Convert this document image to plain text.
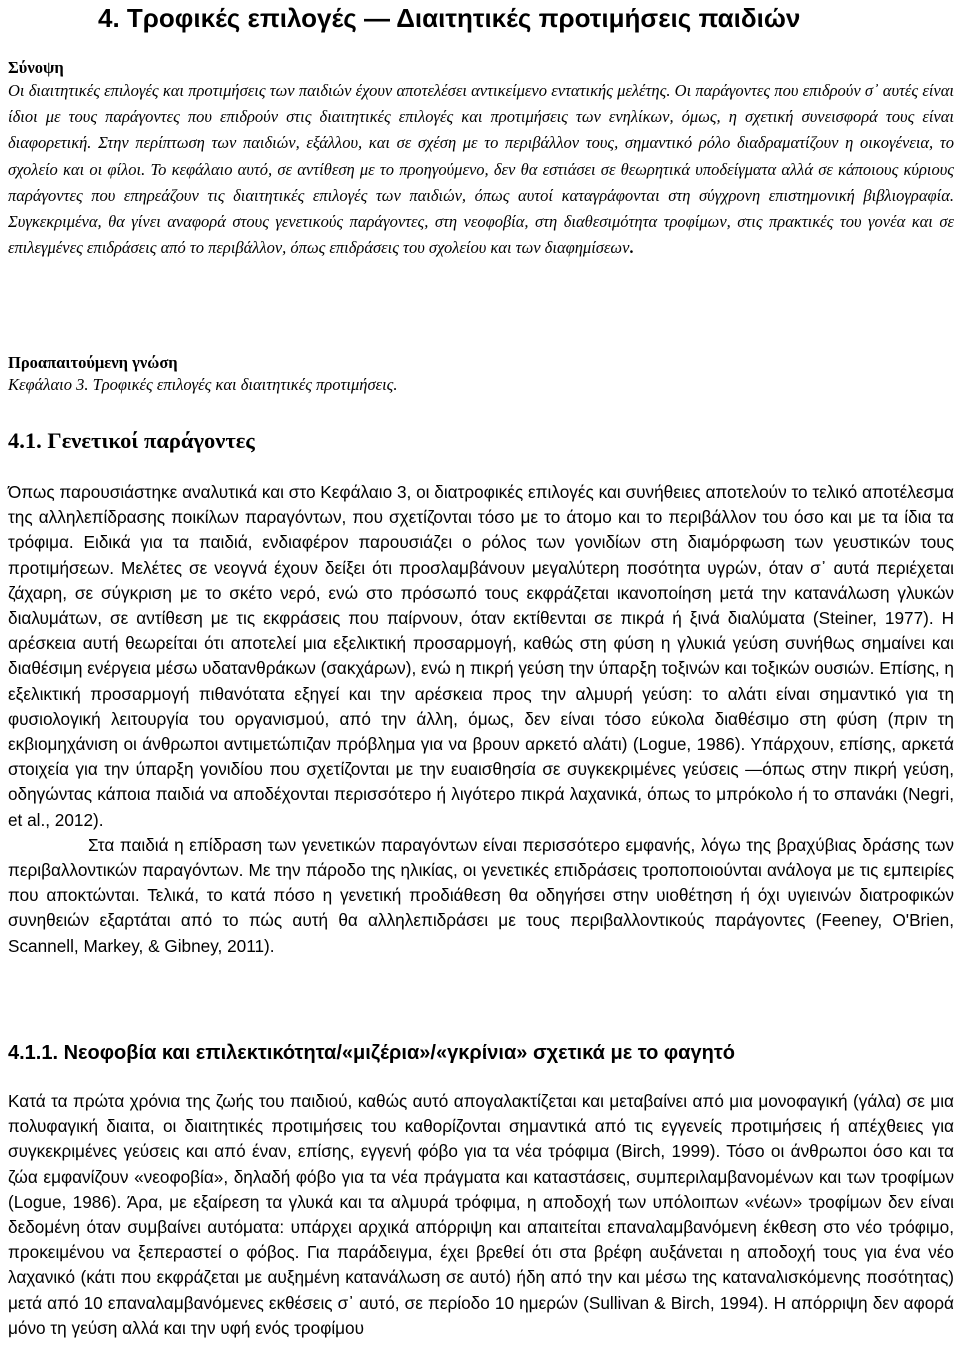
4. Τροφικές επιλογές — Διαιτητικές προτιμήσεις παιδιών

Σύνοψη

Οι διαιτητικές επιλογές και προτιμήσεις των παιδιών έχουν αποτελέσει αντικείμενο εντατικής μελέτης. Οι παράγοντες που επιδρούν σ᾽ αυτές είναι ίδιοι με τους παράγοντες που επιδρούν στις διαιτητικές επιλογές και προτιμήσεις των ενηλίκων, όμως, η σχετική συνεισφορά τους είναι διαφορετική. Στην περίπτωση των παιδιών, εξάλλου, και σε σχέση με το περιβάλλον τους, σημαντικό ρόλο διαδραματίζουν η οικογένεια, το σχολείο και οι φίλοι. Το κεφάλαιο αυτό, σε αντίθεση με το προηγούμενο, δεν θα εστιάσει σε θεωρητικά υποδείγματα αλλά σε κάποιους κύριους παράγοντες που επηρεάζουν τις διαιτητικές επιλογές των παιδιών, όπως αυτοί καταγράφονται στη σύγχρονη επιστημονική βιβλιογραφία. Συγκεκριμένα, θα γίνει αναφορά στους γενετικούς παράγοντες, στη νεοφοβία, στη διαθεσιμότητα τροφίμων, στις πρακτικές του γονέα και σε επιλεγμένες επιδράσεις από το περιβάλλον, όπως επιδράσεις του σχολείου και των διαφημίσεων.

Προαπαιτούμενη γνώση

Κεφάλαιο 3. Τροφικές επιλογές και διαιτητικές προτιμήσεις.

4.1. Γενετικοί παράγοντες

Όπως παρουσιάστηκε αναλυτικά και στο Κεφάλαιο 3, οι διατροφικές επιλογές και συνήθειες αποτελούν το τελικό αποτέλεσμα της αλληλεπίδρασης ποικίλων παραγόντων, που σχετίζονται τόσο με το άτομο και το περιβάλλον του όσο και με τα ίδια τα τρόφιμα. Ειδικά για τα παιδιά, ενδιαφέρον παρουσιάζει ο ρόλος των γονιδίων στη διαμόρφωση των γευστικών τους προτιμήσεων. Μελέτες σε νεογνά έχουν δείξει ότι προσλαμβάνουν μεγαλύτερη ποσότητα υγρών, όταν σ᾽ αυτά περιέχεται ζάχαρη, σε σύγκριση με το σκέτο νερό, ενώ στο πρόσωπό τους εκφράζεται ικανοποίηση μετά την κατανάλωση γλυκών διαλυμάτων, σε αντίθεση με τις εκφράσεις που παίρνουν, όταν εκτίθενται σε πικρά ή ξινά διαλύματα (Steiner, 1977). Η αρέσκεια αυτή θεωρείται ότι αποτελεί μια εξελικτική προσαρμογή, καθώς στη φύση η γλυκιά γεύση συνήθως σημαίνει και διαθέσιμη ενέργεια μέσω υδατανθράκων (σακχάρων), ενώ η πικρή γεύση την ύπαρξη τοξινών και τοξικών ουσιών. Επίσης, η εξελικτική προσαρμογή πιθανότατα εξηγεί και την αρέσκεια προς την αλμυρή γεύση: το αλάτι είναι σημαντικό για τη φυσιολογική λειτουργία του οργανισμού, από την άλλη, όμως, δεν είναι τόσο εύκολα διαθέσιμο στη φύση (πριν τη εκβιομηχάνιση οι άνθρωποι αντιμετώπιζαν πρόβλημα για να βρουν αρκετό αλάτι) (Logue, 1986). Υπάρχουν, επίσης, αρκετά στοιχεία για την ύπαρξη γονιδίου που σχετίζονται με την ευαισθησία σε συγκεκριμένες γεύσεις —όπως στην πικρή γεύση, οδηγώντας κάποια παιδιά να αποδέχονται περισσότερο ή λιγότερο πικρά λαχανικά, όπως το μπρόκολο ή το σπανάκι (Negri, et al., 2012).

Στα παιδιά η επίδραση των γενετικών παραγόντων είναι περισσότερο εμφανής, λόγω της βραχύβιας δράσης των περιβαλλοντικών παραγόντων. Με την πάροδο της ηλικίας, οι γενετικές επιδράσεις τροποποιούνται ανάλογα με τις εμπειρίες που αποκτώνται. Τελικά, το κατά πόσο η γενετική προδιάθεση θα οδηγήσει στην υιοθέτηση ή όχι υγιεινών διατροφικών συνηθειών εξαρτάται από το πώς αυτή θα αλληλεπιδράσει με τους περιβαλλοντικούς παράγοντες (Feeney, O'Brien, Scannell, Markey, & Gibney, 2011).

4.1.1. Νεοφοβία και επιλεκτικότητα/«μιζέρια»/«γκρίνια» σχετικά με το φαγητό

Κατά τα πρώτα χρόνια της ζωής του παιδιού, καθώς αυτό απογαλακτίζεται και μεταβαίνει από μια μονοφαγική (γάλα) σε μια πολυφαγική διαιτα, οι διαιτητικές προτιμήσεις του καθορίζονται σημαντικά από τις εγγενείς προτιμήσεις ή απέχθειες για συγκεκριμένες γεύσεις και από έναν, επίσης, εγγενή φόβο για τα νέα τρόφιμα (Birch, 1999). Τόσο οι άνθρωποι όσο και τα ζώα εμφανίζουν «νεοφοβία», δηλαδή φόβο για τα νέα πράγματα και καταστάσεις, συμπεριλαμβανομένων και των τροφίμων (Logue, 1986). Άρα, με εξαίρεση τα γλυκά και τα αλμυρά τρόφιμα, η αποδοχή των υπόλοιπων «νέων» τροφίμων δεν είναι δεδομένη όταν συμβαίνει αυτόματα: υπάρχει αρχικά απόρριψη και απαιτείται επαναλαμβανόμενη έκθεση στο νέο τρόφιμο, προκειμένου να ξεπεραστεί ο φόβος. Για παράδειγμα, έχει βρεθεί ότι στα βρέφη αυξάνεται η αποδοχή τους για ένα νέο λαχανικό (κάτι που εκφράζεται με αυξημένη κατανάλωση σε αυτό) ήδη από την και μέσω της καταναλισκόμενης ποσότητας) μετά από 10 επαναλαμβανόμενες εκθέσεις σ᾽ αυτό, σε περίοδο 10 ημερών (Sullivan & Birch, 1994). Η απόρριψη δεν αφορά μόνο τη γεύση αλλά και την υφή ενός τροφίμου
